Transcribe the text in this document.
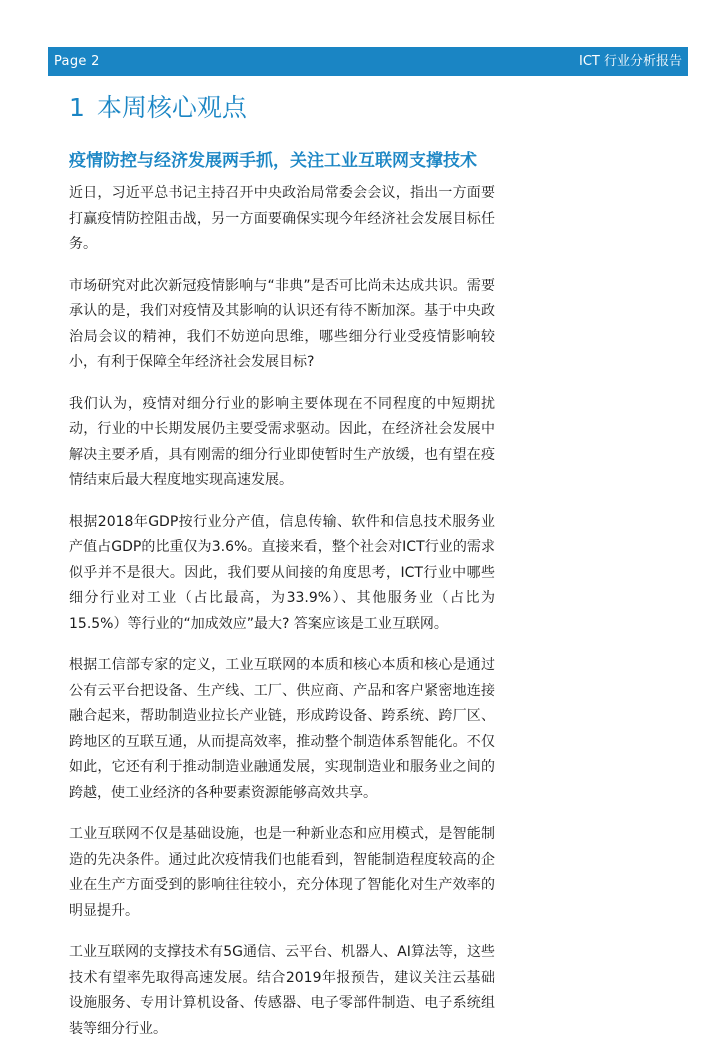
Page 2	ICT 行业分析报告
1 本周核心观点
疫情防控与经济发展两手抓，关注工业互联网支撑技术

近日，习近平总书记主持召开中央政治局常委会会议，指出一方面要打赢疫情防控阻击战，另一方面要确保实现今年经济社会发展目标任务。

市场研究对此次新冠疫情影响与“非典”是否可比尚未达成共识。需要承认的是，我们对疫情及其影响的认识还有待不断加深。基于中央政治局会议的精神，我们不妨逆向思维，哪些细分行业受疫情影响较小，有利于保障全年经济社会发展目标?

我们认为，疫情对细分行业的影响主要体现在不同程度的中短期扰动，行业的中长期发展仍主要受需求驱动。因此，在经济社会发展中解决主要矛盾，具有刚需的细分行业即使暂时生产放缓，也有望在疫情结束后最大程度地实现高速发展。

根据2018年GDP按行业分产值，信息传输、软件和信息技术服务业产值占GDP的比重仅为3.6%。直接来看，整个社会对ICT行业的需求似乎并不是很大。因此，我们要从间接的角度思考，ICT行业中哪些细分行业对工业（占比最高，为33.9%）、其他服务业（占比为15.5%）等行业的“加成效应”最大? 答案应该是工业互联网。

根据工信部专家的定义，工业互联网的本质和核心本质和核心是通过公有云平台把设备、生产线、工厂、供应商、产品和客户紧密地连接融合起来，帮助制造业拉长产业链，形成跨设备、跨系统、跨厂区、跨地区的互联互通，从而提高效率，推动整个制造体系智能化。不仅如此，它还有利于推动制造业融通发展，实现制造业和服务业之间的跨越，使工业经济的各种要素资源能够高效共享。

工业互联网不仅是基础设施，也是一种新业态和应用模式，是智能制造的先决条件。通过此次疫情我们也能看到，智能制造程度较高的企业在生产方面受到的影响往往较小，充分体现了智能化对生产效率的明显提升。

工业互联网的支撑技术有5G通信、云平台、机器人、AI算法等，这些技术有望率先取得高速发展。结合2019年报预告，建议关注云基础设施服务、专用计算机设备、传感器、电子零部件制造、电子系统组装等细分行业。
